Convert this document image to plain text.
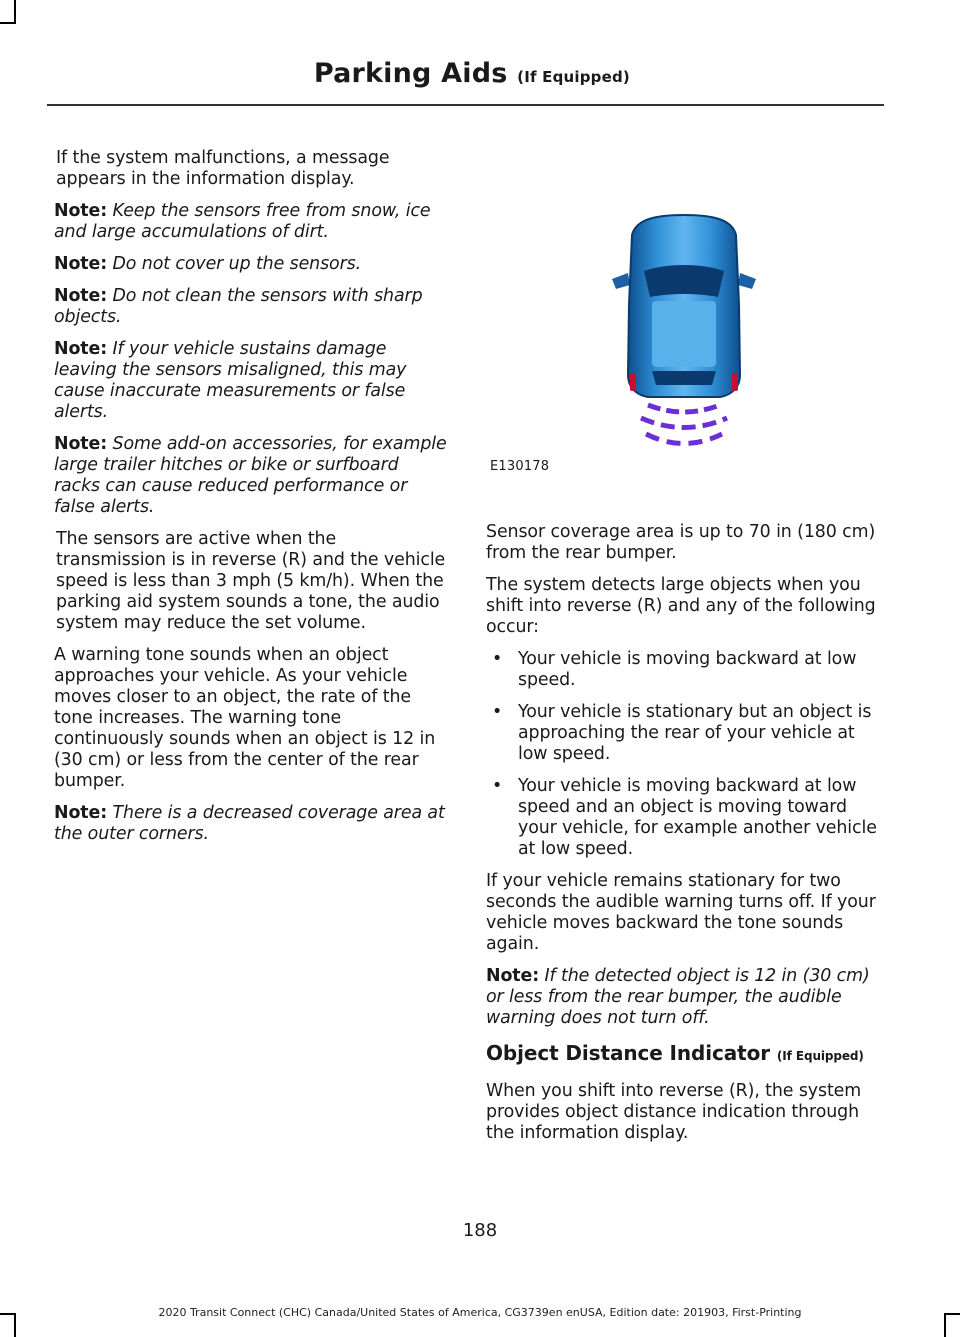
Parking Aids (If Equipped)

If the system malfunctions, a message appears in the information display.

Note: Keep the sensors free from snow, ice and large accumulations of dirt.

Note: Do not cover up the sensors.

Note: Do not clean the sensors with sharp objects.

Note: If your vehicle sustains damage leaving the sensors misaligned, this may cause inaccurate measurements or false alerts.

Note: Some add-on accessories, for example large trailer hitches or bike or surfboard racks can cause reduced performance or false alerts.

The sensors are active when the transmission is in reverse (R) and the vehicle speed is less than 3 mph (5 km/h). When the parking aid system sounds a tone, the audio system may reduce the set volume.

A warning tone sounds when an object approaches your vehicle. As your vehicle moves closer to an object, the rate of the tone increases. The warning tone continuously sounds when an object is 12 in (30 cm) or less from the center of the rear bumper.

Note: There is a decreased coverage area at the outer corners.

E130178

Sensor coverage area is up to 70 in (180 cm) from the rear bumper.

The system detects large objects when you shift into reverse (R) and any of the following occur:

• Your vehicle is moving backward at low speed.
• Your vehicle is stationary but an object is approaching the rear of your vehicle at low speed.
• Your vehicle is moving backward at low speed and an object is moving toward your vehicle, for example another vehicle at low speed.

If your vehicle remains stationary for two seconds the audible warning turns off. If your vehicle moves backward the tone sounds again.

Note: If the detected object is 12 in (30 cm) or less from the rear bumper, the audible warning does not turn off.

Object Distance Indicator (If Equipped)

When you shift into reverse (R), the system provides object distance indication through the information display.

188
2020 Transit Connect (CHC) Canada/United States of America, CG3739en enUSA, Edition date: 201903, First-Printing
